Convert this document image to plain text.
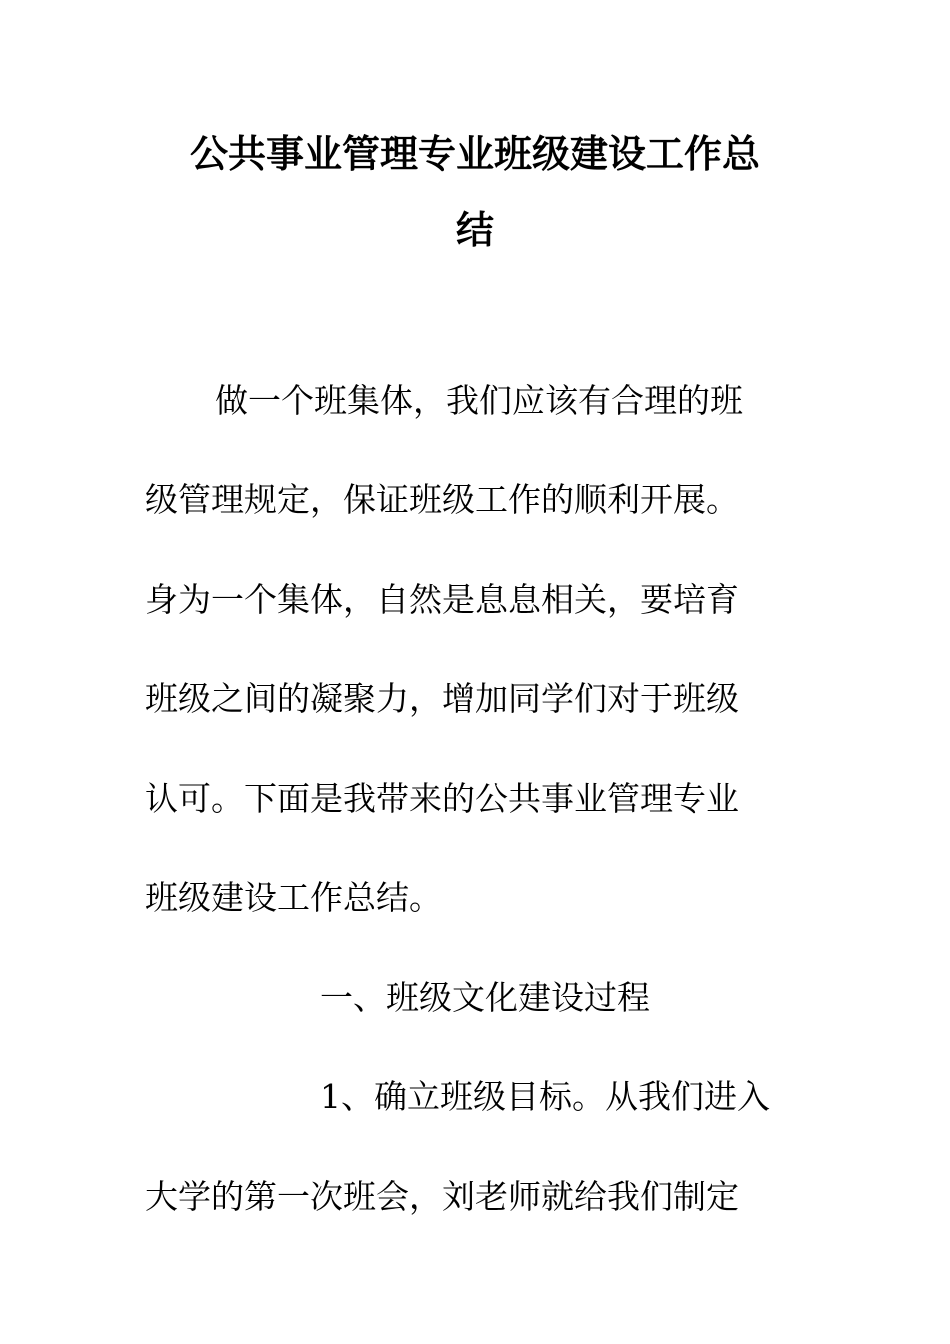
公共事业管理专业班级建设工作总
结
做一个班集体，我们应该有合理的班
级管理规定，保证班级工作的顺利开展。
身为一个集体，自然是息息相关，要培育
班级之间的凝聚力，增加同学们对于班级
认可。下面是我带来的公共事业管理专业
班级建设工作总结。
一、班级文化建设过程
1、确立班级目标。从我们进入
大学的第一次班会，刘老师就给我们制定
